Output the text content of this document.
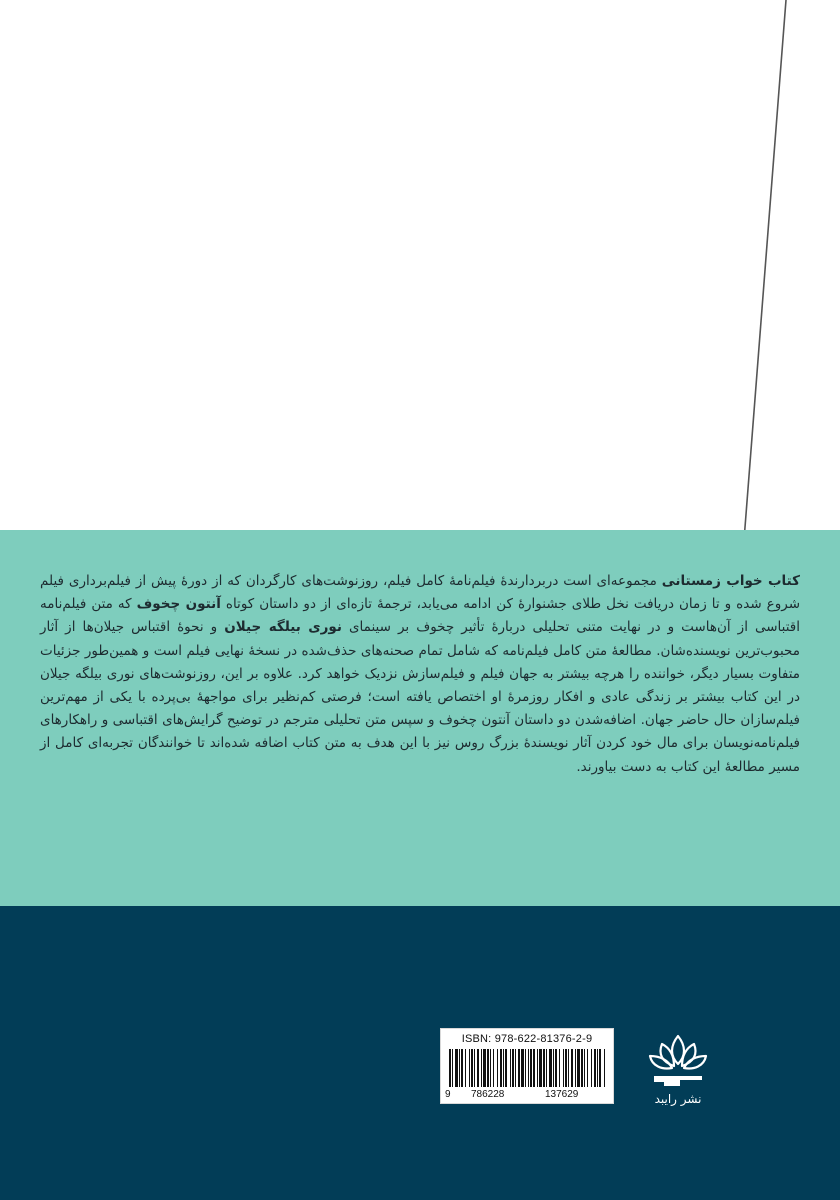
کتاب خواب زمستانی مجموعه‌ای است دربردارندهٔ فیلم‌نامهٔ کامل فیلم، روزنوشت‌های کارگردان که از دورهٔ پیش از فیلم‌برداری فیلم شروع شده و تا زمان دریافت نخل طلای جشنوارهٔ کن ادامه می‌یابد، ترجمهٔ تازه‌ای از دو داستان کوتاه آنتون چخوف که متن فیلم‌نامه اقتباسی از آن‌هاست و در نهایت متنی تحلیلی دربارهٔ تأثیر چخوف بر سینمای نوری بیلگه جیلان و نحوهٔ اقتباس جیلان‌ها از آثار محبوب‌ترین نویسنده‌شان. مطالعهٔ متن کامل فیلم‌نامه که شامل تمام صحنه‌های حذف‌شده در نسخهٔ نهایی فیلم است و همین‌طور جزئیات متفاوت بسیار دیگر، خواننده را هرچه بیشتر به جهان فیلم و فیلم‌سازش نزدیک خواهد کرد. علاوه بر این، روزنوشت‌های نوری بیلگه جیلان در این کتاب بیشتر بر زندگی عادی و افکار روزمرهٔ او اختصاص یافته است؛ فرصتی کم‌نظیر برای مواجههٔ بی‌پرده با یکی از مهم‌ترین فیلم‌سازان حال حاضر جهان. اضافه‌شدن دو داستان آنتون چخوف و سپس متن تحلیلی مترجم در توضیح گرایش‌های اقتباسی و راهکارهای فیلم‌نامه‌نویسان برای مال خود کردن آثار نویسندهٔ بزرگ روس نیز با این هدف به متن کتاب اضافه شده‌اند تا خوانندگان تجربه‌ای کامل از مسیر مطالعهٔ این کتاب به دست بیاورند.
ISBN: 978-622-81376-2-9
9 786228	137629	نشر رایبد
